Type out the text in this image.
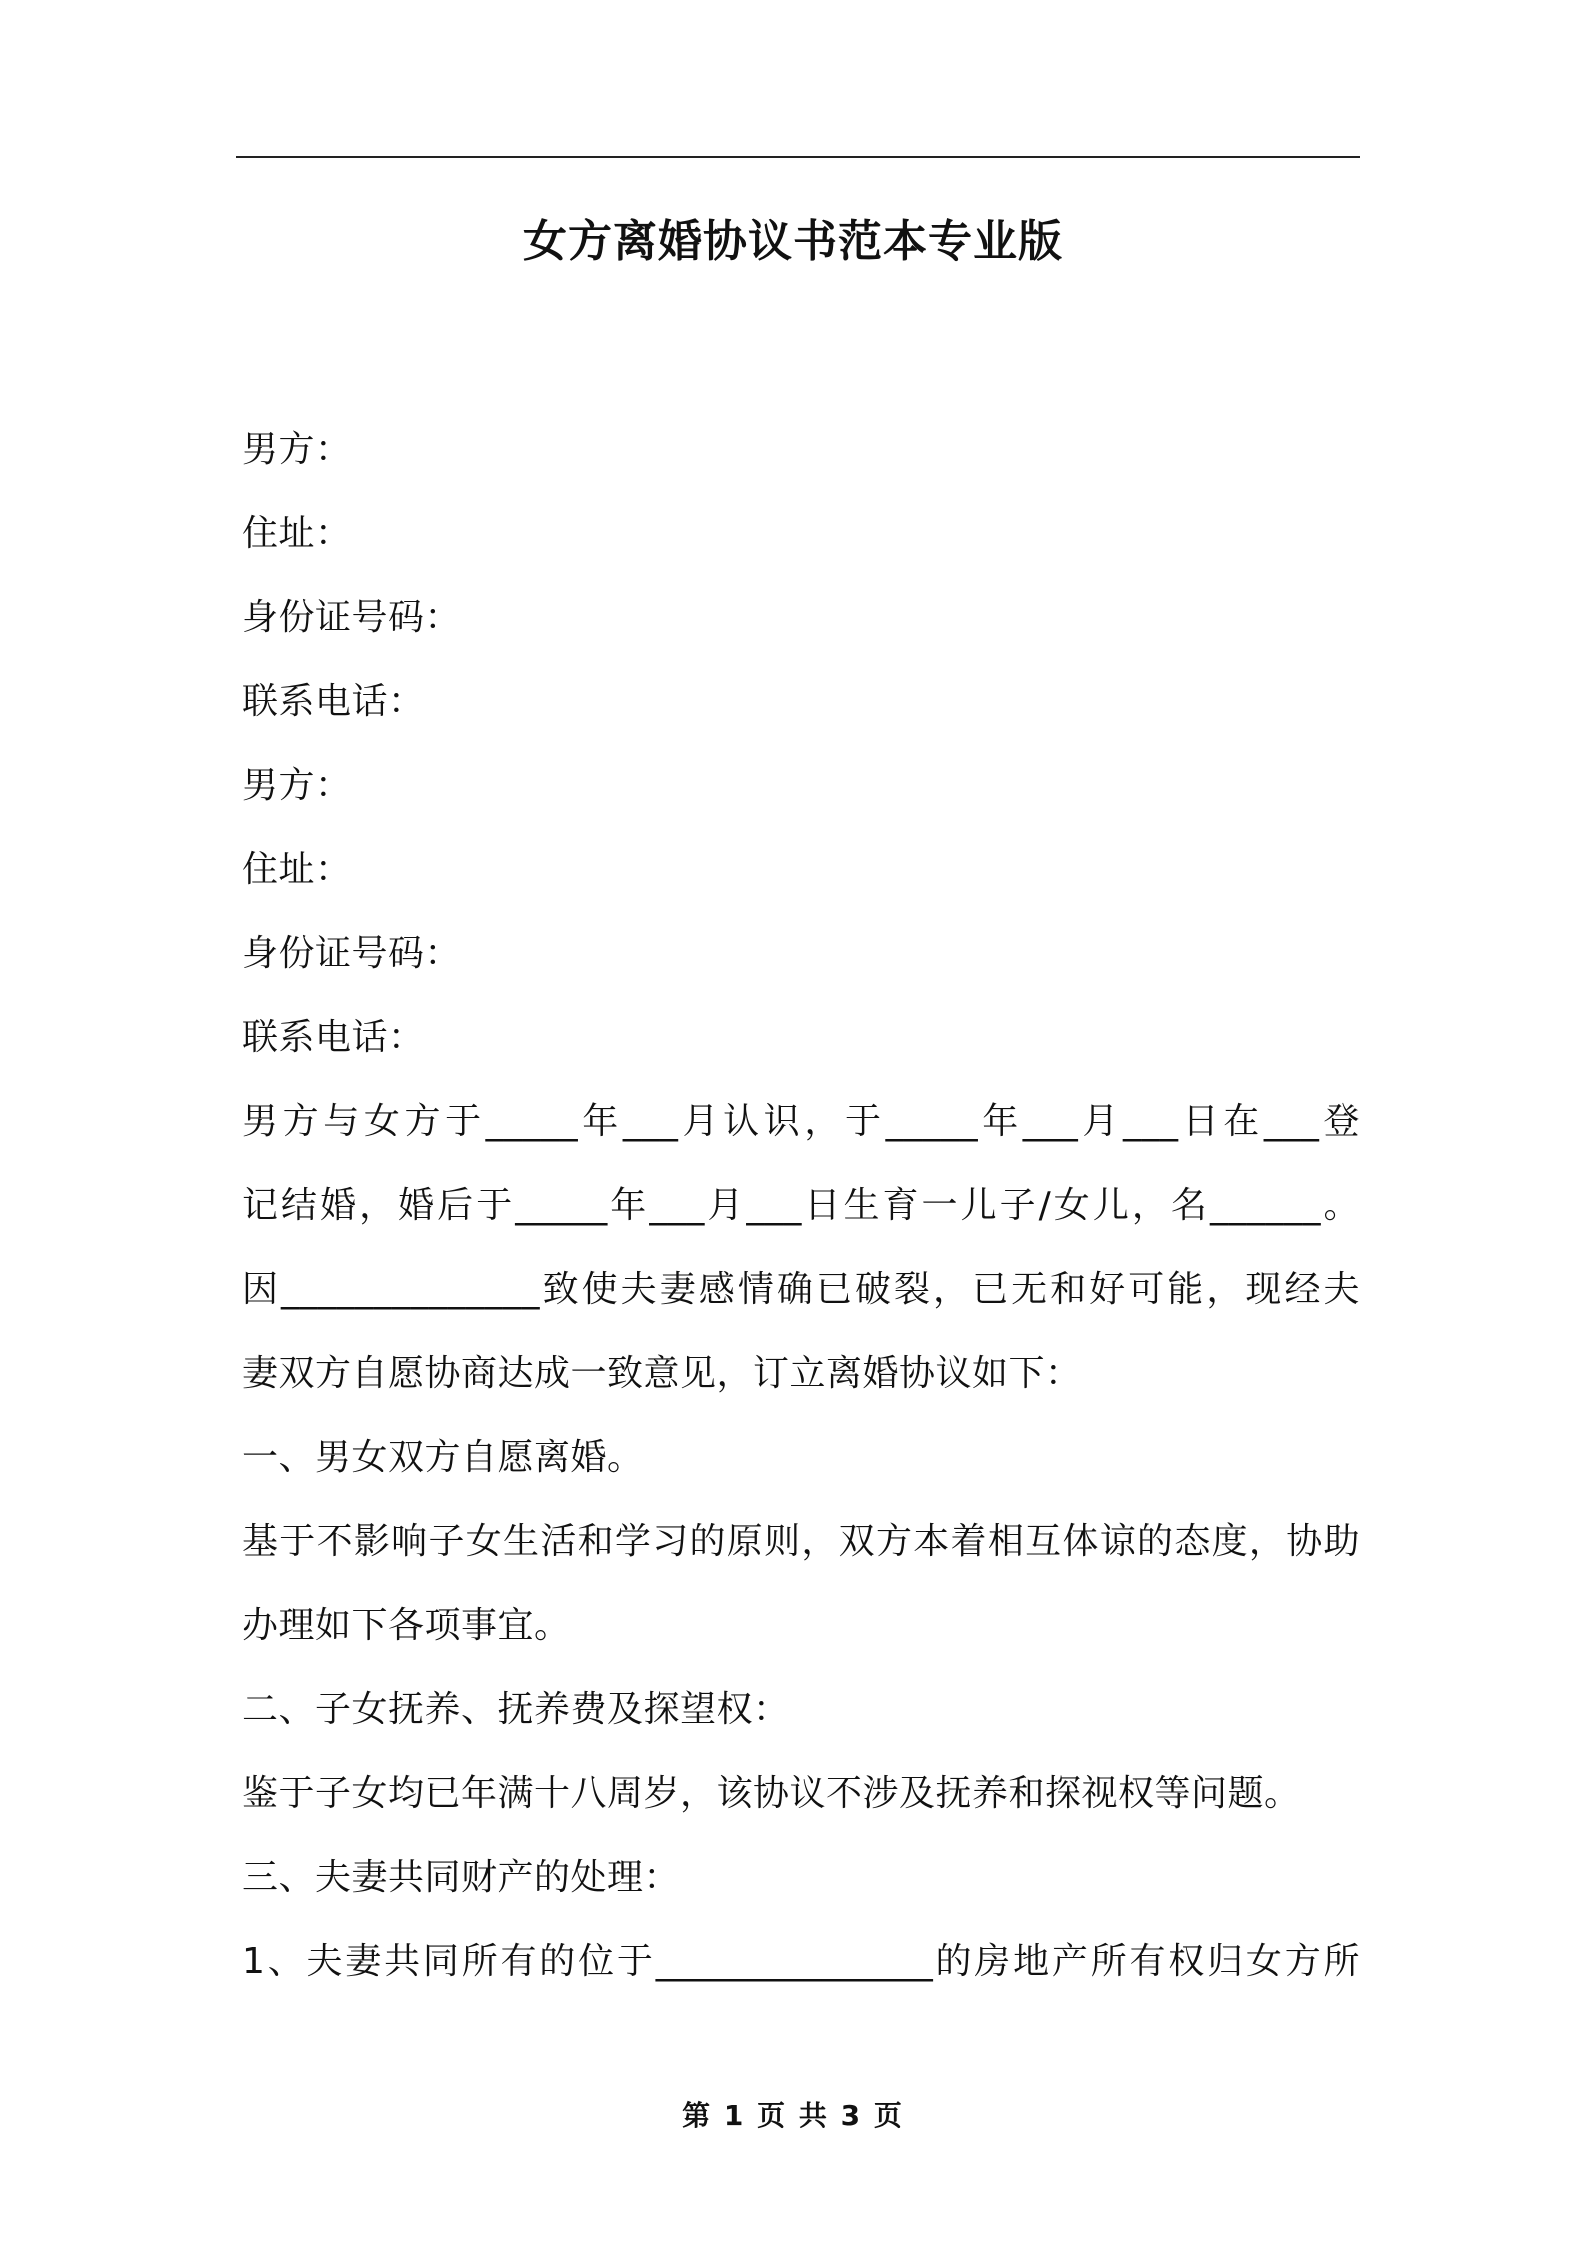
女方离婚协议书范本专业版
男方：
住址：
身份证号码：
联系电话：
男方：
住址：
身份证号码：
联系电话：
男方与女方于_____年___月认识，于_____年___月___日在___登
记结婚，婚后于_____年___月___日生育一儿子/女儿，名______。
因______________致使夫妻感情确已破裂，已无和好可能，现经夫
妻双方自愿协商达成一致意见，订立离婚协议如下：
一、男女双方自愿离婚。
基于不影响子女生活和学习的原则，双方本着相互体谅的态度，协助
办理如下各项事宜。
二、子女抚养、抚养费及探望权：
鉴于子女均已年满十八周岁，该协议不涉及抚养和探视权等问题。
三、夫妻共同财产的处理：
1、夫妻共同所有的位于_______________的房地产所有权归女方所
第 1 页 共 3 页
